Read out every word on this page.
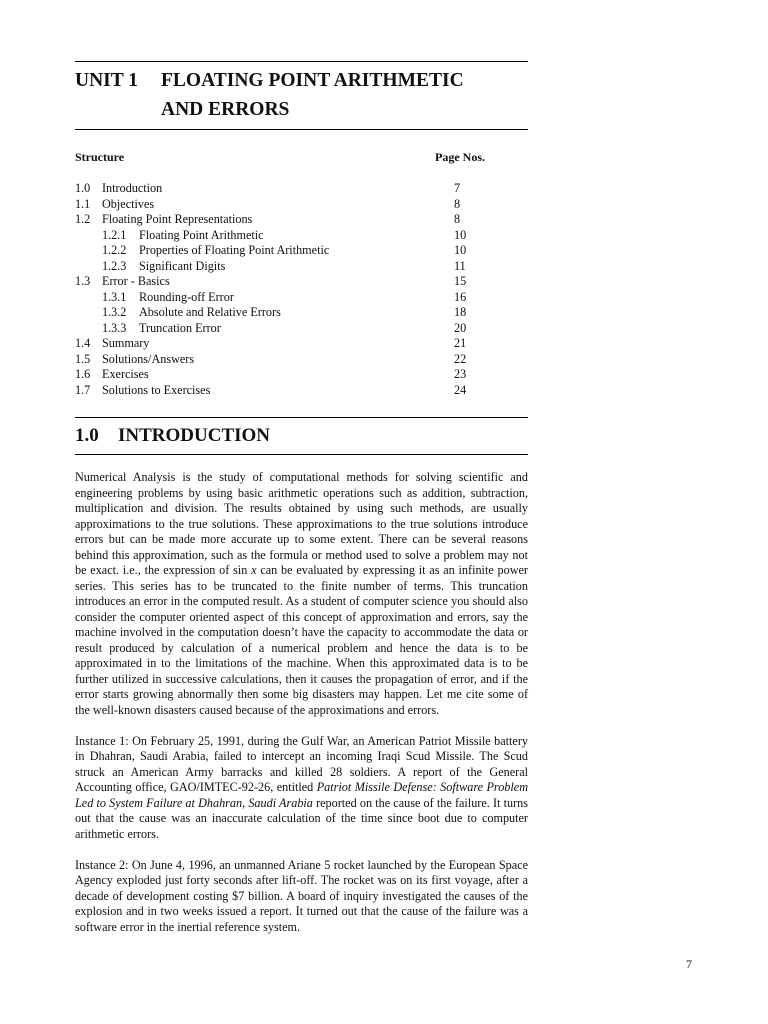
UNIT 1	FLOATING POINT ARITHMETIC
AND ERRORS
Structure	Page Nos.
1.0 Introduction	7
1.1 Objectives	8
1.2 Floating Point Representations	8
1.2.1	Floating Point Arithmetic	10
1.2.2	Properties of Floating Point Arithmetic	10
1.2.3	Significant Digits	11
1.3 Error - Basics	15
1.3.1	Rounding-off Error	16
1.3.2	Absolute and Relative Errors	18
1.3.3	Truncation Error	20
1.4 Summary	21
1.5 Solutions/Answers	22
1.6 Exercises	23
1.7 Solutions to Exercises	24
1.0	INTRODUCTION

Numerical Analysis is the study of computational methods for solving scientific and engineering problems by using basic arithmetic operations such as addition, subtraction, multiplication and division. The results obtained by using such methods, are usually approximations to the true solutions. These approximations to the true solutions introduce errors but can be made more accurate up to some extent. There can be several reasons behind this approximation, such as the formula or method used to solve a problem may not be exact. i.e., the expression of sin x can be evaluated by expressing it as an infinite power series. This series has to be truncated to the finite number of terms. This truncation introduces an error in the computed result. As a student of computer science you should also consider the computer oriented aspect of this concept of approximation and errors, say the machine involved in the computation doesn’t have the capacity to accommodate the data or result produced by calculation of a numerical problem and hence the data is to be approximated in to the limitations of the machine. When this approximated data is to be further utilized in successive calculations, then it causes the propagation of error, and if the error starts growing abnormally then some big disasters may happen. Let me cite some of the well-known disasters caused because of the approximations and errors.

Instance 1: On February 25, 1991, during the Gulf War, an American Patriot Missile battery in Dhahran, Saudi Arabia, failed to intercept an incoming Iraqi Scud Missile. The Scud struck an American Army barracks and killed 28 soldiers. A report of the General Accounting office, GAO/IMTEC-92-26, entitled Patriot Missile Defense: Software Problem Led to System Failure at Dhahran, Saudi Arabia reported on the cause of the failure. It turns out that the cause was an inaccurate calculation of the time since boot due to computer arithmetic errors.

Instance 2: On June 4, 1996, an unmanned Ariane 5 rocket launched by the European Space Agency exploded just forty seconds after lift-off. The rocket was on its first voyage, after a decade of development costing $7 billion. A board of inquiry investigated the causes of the explosion and in two weeks issued a report. It turned out that the cause of the failure was a software error in the inertial reference system.

7
